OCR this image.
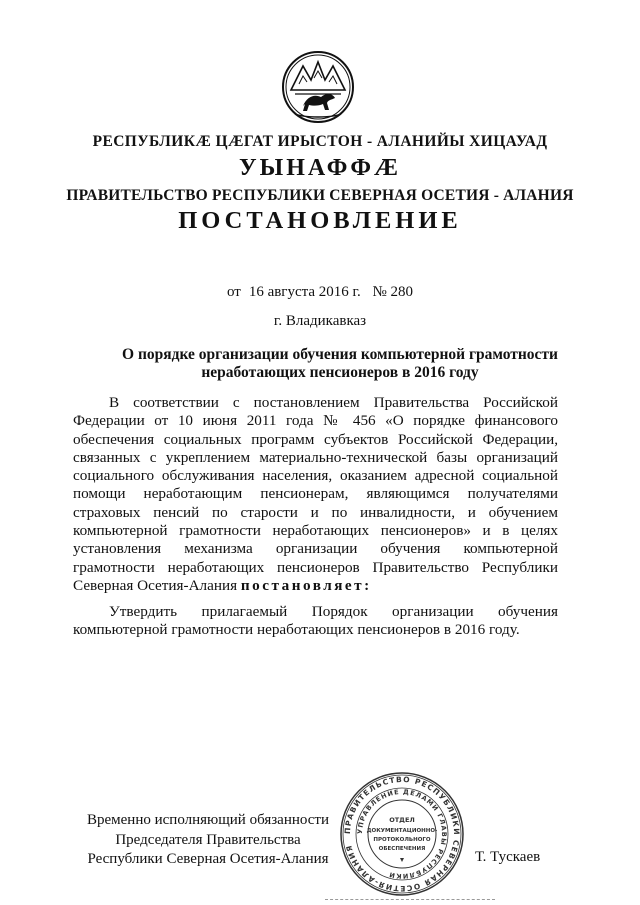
РЕСПУБЛИКӔ ЦӔГАТ ИРЫСТОН - АЛАНИЙЫ ХИЦАУАД
УЫНАФФӔ
ПРАВИТЕЛЬСТВО РЕСПУБЛИКИ СЕВЕРНАЯ ОСЕТИЯ - АЛАНИЯ
ПОСТАНОВЛЕНИЕ
от 16 августа 2016 г. № 280
г. Владикавказ
О порядке организации обучения компьютерной грамотности
неработающих пенсионеров в 2016 году
В соответствии с постановлением Правительства Российской Федерации от 10 июня 2011 года № 456 «О порядке финансового обеспечения социальных программ субъектов Российской Федерации, связанных с укреплением материально-технической базы организаций социального обслуживания населения, оказанием адресной социальной помощи неработающим пенсионерам, являющимся получателями страховых пенсий по старости и по инвалидности, и обучением компьютерной грамотности неработающих пенсионеров» и в целях установления механизма организации обучения компьютерной грамотности неработающих пенсионеров Правительство Республики Северная Осетия-Алания постановляет:
Утвердить прилагаемый Порядок организации обучения компьютерной грамотности неработающих пенсионеров в 2016 году.
Временно исполняющий обязанности
Председателя Правительства
Республики Северная Осетия-Алания
ПРАВИТЕЛЬСТВО РЕСПУБЛИКИ СЕВЕРНАЯ ОСЕТИЯ-АЛАНИЯ
УПРАВЛЕНИЕ ДЕЛАМИ ГЛАВЫ РЕСПУБЛИКИ
ОТДЕЛ
ДОКУМЕНТАЦИОННО-
ПРОТОКОЛЬНОГО
ОБЕСПЕЧЕНИЯ	Т. Тускаев
